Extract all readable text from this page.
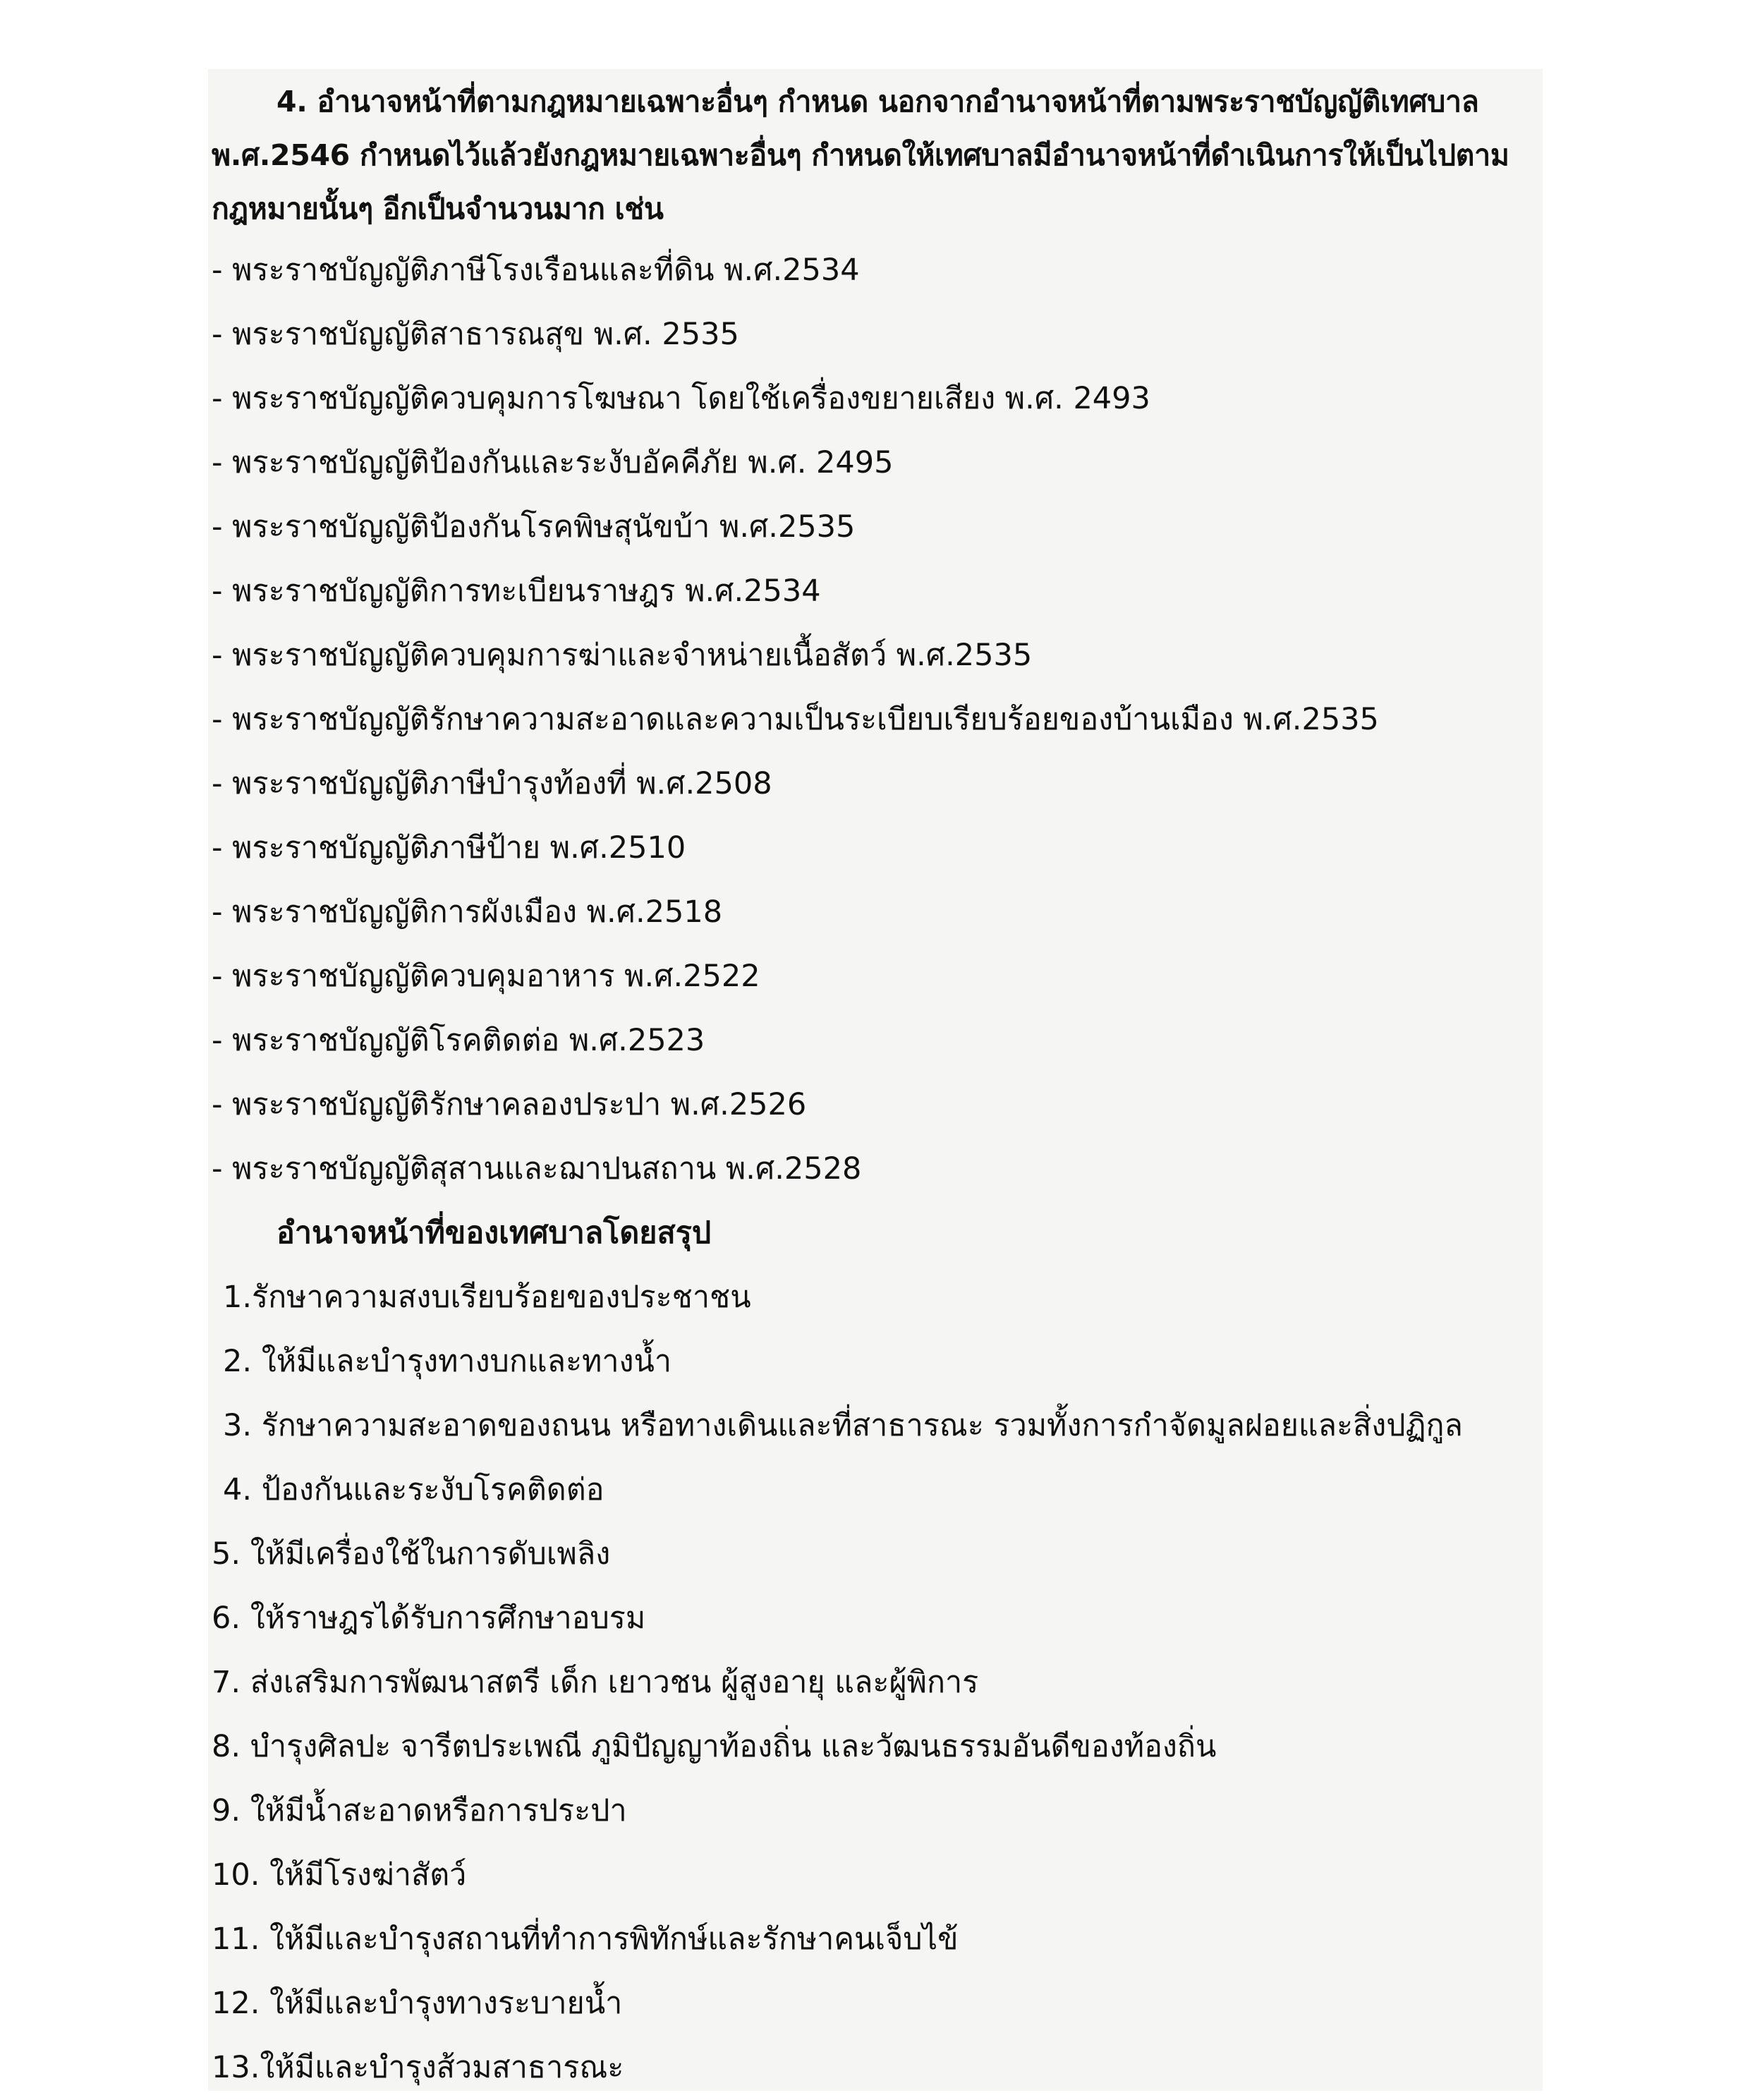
4. อำนาจหน้าที่ตามกฎหมายเฉพาะอื่นๆ กำหนด นอกจากอำนาจหน้าที่ตามพระราชบัญญัติเทศบาล พ.ศ.2546 กำหนดไว้แล้วยังกฎหมายเฉพาะอื่นๆ กำหนดให้เทศบาลมีอำนาจหน้าที่ดำเนินการให้เป็นไปตามกฎหมายนั้นๆ อีกเป็นจำนวนมาก เช่น

- พระราชบัญญัติภาษีโรงเรือนและที่ดิน พ.ศ.2534
- พระราชบัญญัติสาธารณสุข พ.ศ. 2535
- พระราชบัญญัติควบคุมการโฆษณา โดยใช้เครื่องขยายเสียง พ.ศ. 2493
- พระราชบัญญัติป้องกันและระงับอัคคีภัย พ.ศ. 2495
- พระราชบัญญัติป้องกันโรคพิษสุนัขบ้า พ.ศ.2535
- พระราชบัญญัติการทะเบียนราษฎร พ.ศ.2534
- พระราชบัญญัติควบคุมการฆ่าและจำหน่ายเนื้อสัตว์ พ.ศ.2535
- พระราชบัญญัติรักษาความสะอาดและความเป็นระเบียบเรียบร้อยของบ้านเมือง พ.ศ.2535
- พระราชบัญญัติภาษีบำรุงท้องที่ พ.ศ.2508
- พระราชบัญญัติภาษีป้าย พ.ศ.2510
- พระราชบัญญัติการผังเมือง พ.ศ.2518
- พระราชบัญญัติควบคุมอาหาร พ.ศ.2522
- พระราชบัญญัติโรคติดต่อ พ.ศ.2523
- พระราชบัญญัติรักษาคลองประปา พ.ศ.2526
- พระราชบัญญัติสุสานและฌาปนสถาน พ.ศ.2528

อำนาจหน้าที่ของเทศบาลโดยสรุป

1.รักษาความสงบเรียบร้อยของประชาชน
2. ให้มีและบำรุงทางบกและทางน้ำ
3. รักษาความสะอาดของถนน หรือทางเดินและที่สาธารณะ รวมทั้งการกำจัดมูลฝอยและสิ่งปฏิกูล
4. ป้องกันและระงับโรคติดต่อ
5. ให้มีเครื่องใช้ในการดับเพลิง
6. ให้ราษฎรได้รับการศึกษาอบรม
7. ส่งเสริมการพัฒนาสตรี เด็ก เยาวชน ผู้สูงอายุ และผู้พิการ
8. บำรุงศิลปะ จารีตประเพณี ภูมิปัญญาท้องถิ่น และวัฒนธรรมอันดีของท้องถิ่น
9. ให้มีน้ำสะอาดหรือการประปา
10. ให้มีโรงฆ่าสัตว์
11. ให้มีและบำรุงสถานที่ทำการพิทักษ์และรักษาคนเจ็บไข้
12. ให้มีและบำรุงทางระบายน้ำ
13.ให้มีและบำรุงส้วมสาธารณะ
